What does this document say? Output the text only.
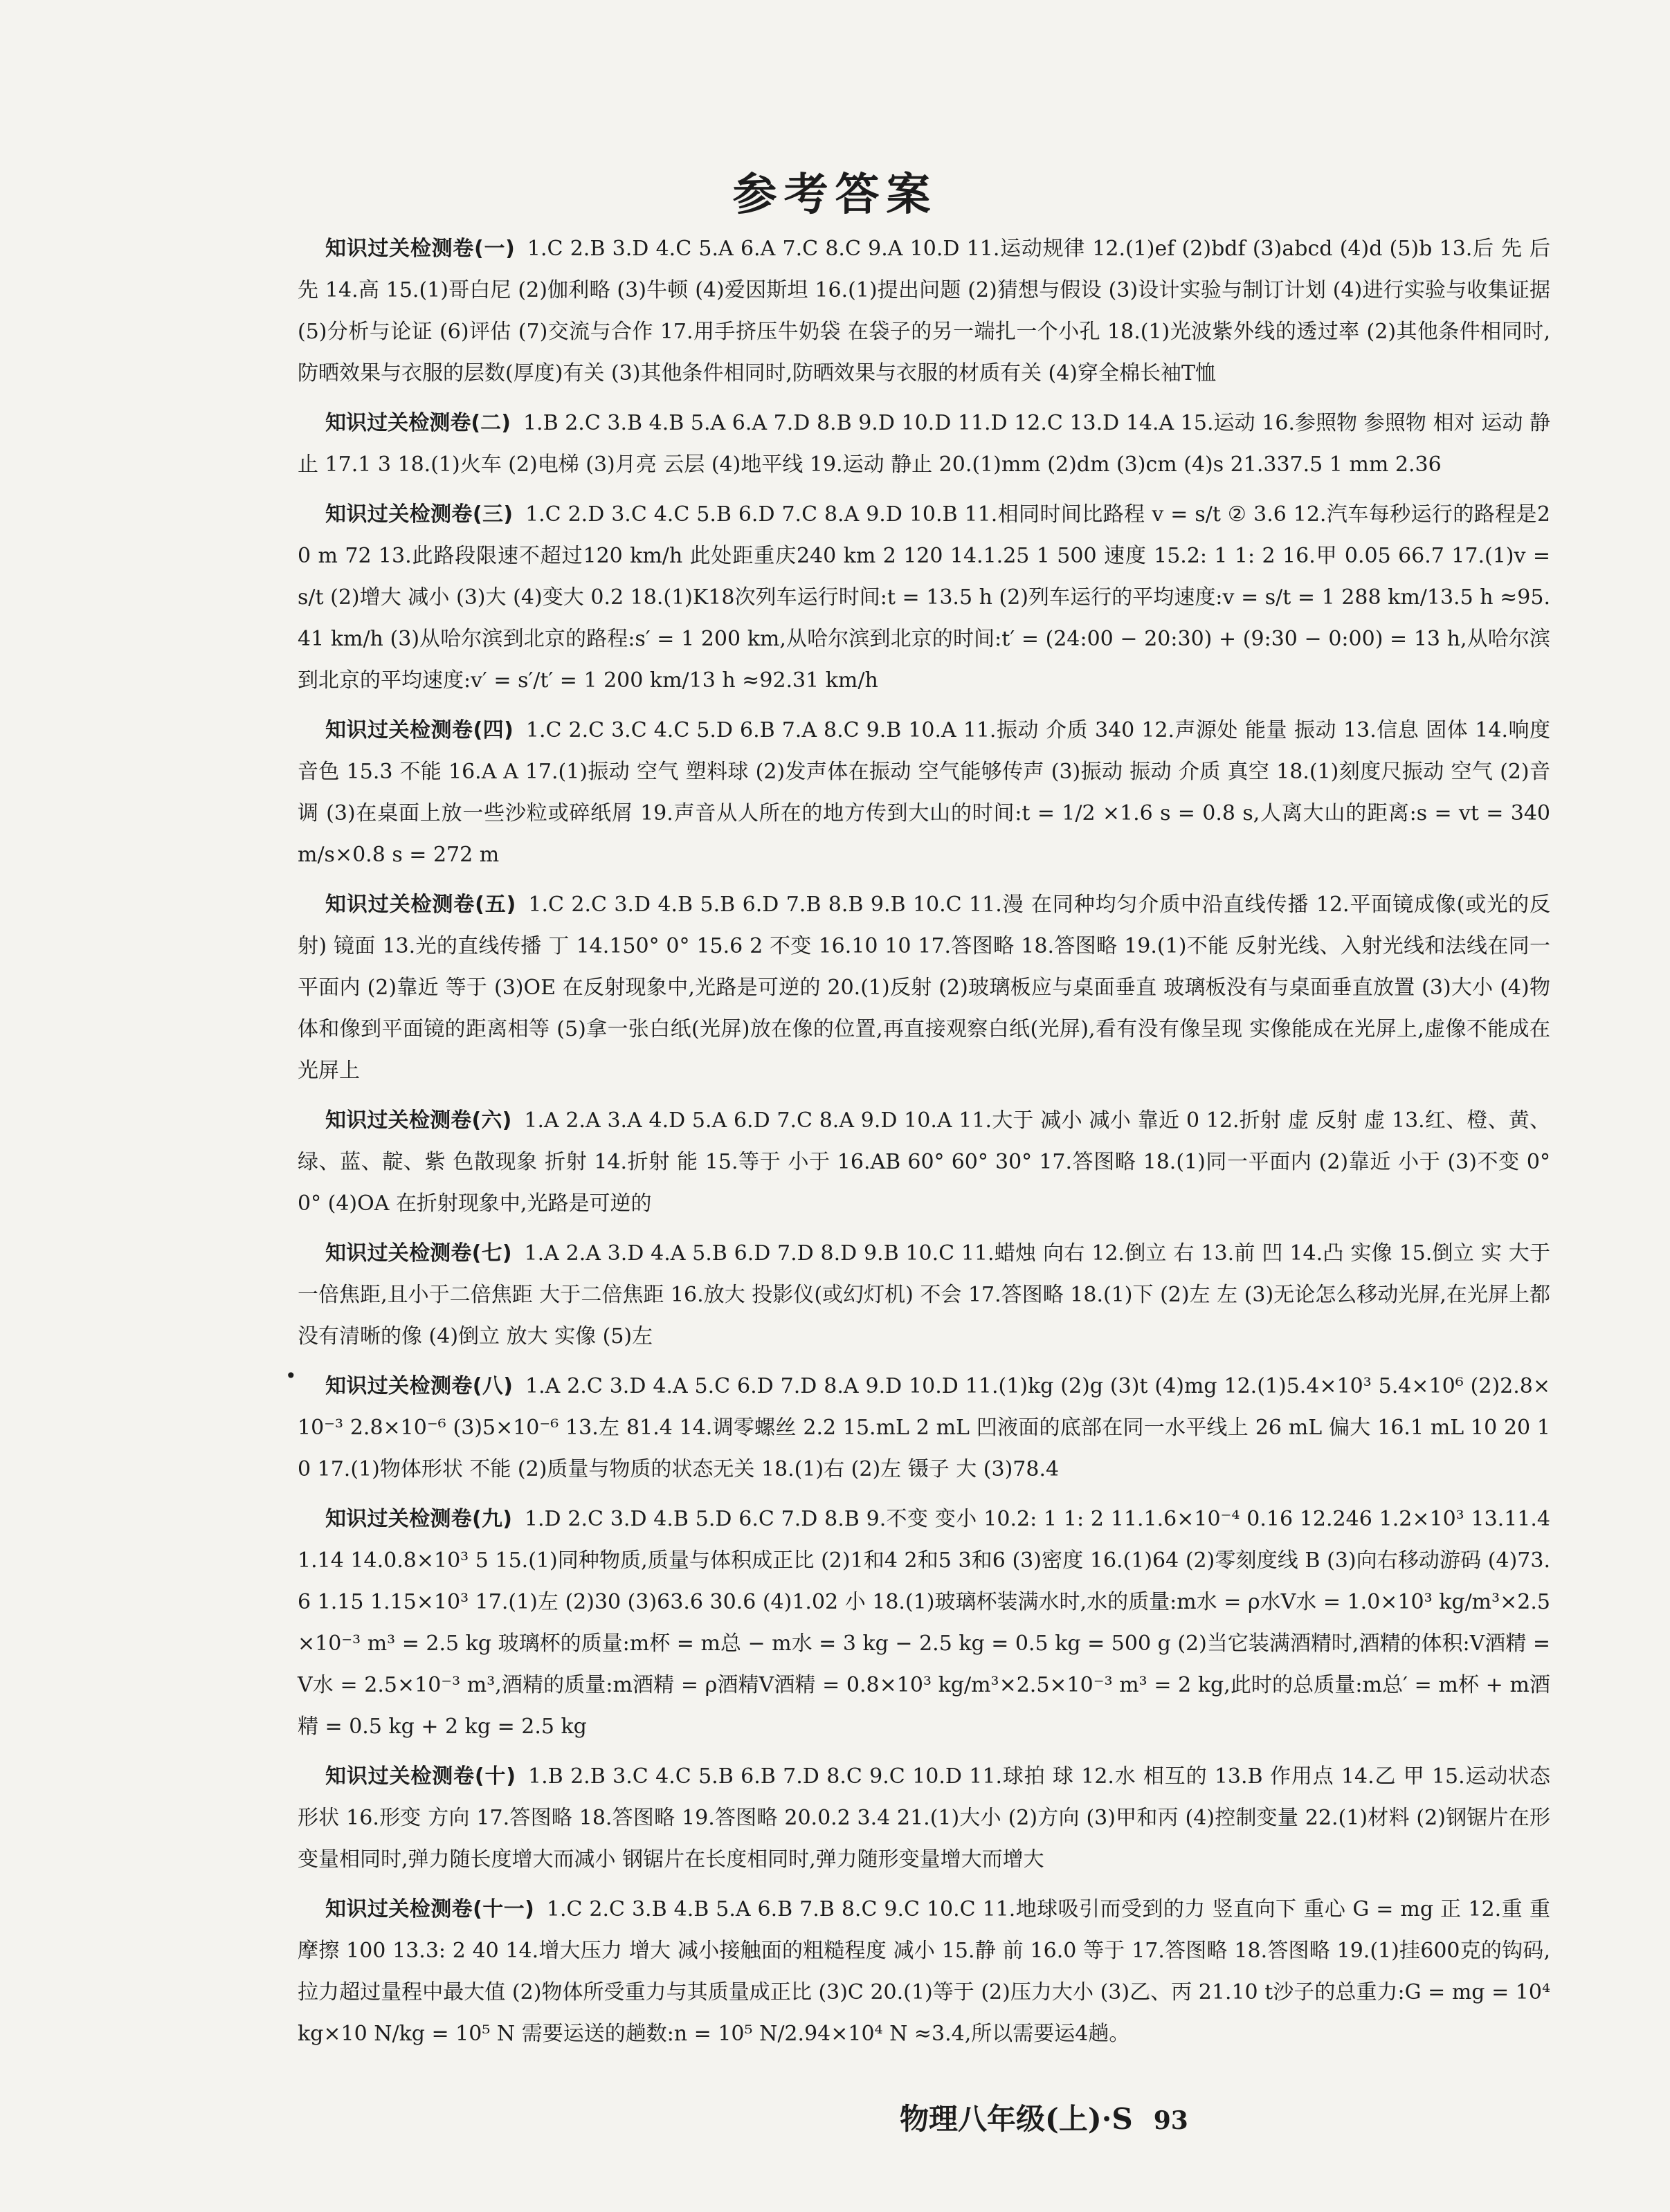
参考答案

知识过关检测卷(一) 1.C 2.B 3.D 4.C 5.A 6.A 7.C 8.C 9.A 10.D 11.运动规律 12.(1)ef (2)bdf (3)abcd (4)d (5)b 13.后 先 后 先 14.高 15.(1)哥白尼 (2)伽利略 (3)牛顿 (4)爱因斯坦 16.(1)提出问题 (2)猜想与假设 (3)设计实验与制订计划 (4)进行实验与收集证据 (5)分析与论证 (6)评估 (7)交流与合作 17.用手挤压牛奶袋 在袋子的另一端扎一个小孔 18.(1)光波紫外线的透过率 (2)其他条件相同时,防晒效果与衣服的层数(厚度)有关 (3)其他条件相同时,防晒效果与衣服的材质有关 (4)穿全棉长袖T恤

知识过关检测卷(二) 1.B 2.C 3.B 4.B 5.A 6.A 7.D 8.B 9.D 10.D 11.D 12.C 13.D 14.A 15.运动 16.参照物 参照物 相对 运动 静止 17.1 3 18.(1)火车 (2)电梯 (3)月亮 云层 (4)地平线 19.运动 静止 20.(1)mm (2)dm (3)cm (4)s 21.337.5 1 mm 2.36

知识过关检测卷(三) 1.C 2.D 3.C 4.C 5.B 6.D 7.C 8.A 9.D 10.B 11.相同时间比路程 v = s/t ② 3.6 12.汽车每秒运行的路程是20 m 72 13.此路段限速不超过120 km/h 此处距重庆240 km 2 120 14.1.25 1 500 速度 15.2: 1 1: 2 16.甲 0.05 66.7 17.(1)v = s/t (2)增大 减小 (3)大 (4)变大 0.2 18.(1)K18次列车运行时间:t = 13.5 h (2)列车运行的平均速度:v = s/t = 1 288 km/13.5 h ≈95.41 km/h (3)从哈尔滨到北京的路程:s′ = 1 200 km,从哈尔滨到北京的时间:t′ = (24:00 − 20:30) + (9:30 − 0:00) = 13 h,从哈尔滨到北京的平均速度:v′ = s′/t′ = 1 200 km/13 h ≈92.31 km/h

知识过关检测卷(四) 1.C 2.C 3.C 4.C 5.D 6.B 7.A 8.C 9.B 10.A 11.振动 介质 340 12.声源处 能量 振动 13.信息 固体 14.响度 音色 15.3 不能 16.A A 17.(1)振动 空气 塑料球 (2)发声体在振动 空气能够传声 (3)振动 振动 介质 真空 18.(1)刻度尺振动 空气 (2)音调 (3)在桌面上放一些沙粒或碎纸屑 19.声音从人所在的地方传到大山的时间:t = 1/2 ×1.6 s = 0.8 s,人离大山的距离:s = vt = 340 m/s×0.8 s = 272 m

知识过关检测卷(五) 1.C 2.C 3.D 4.B 5.B 6.D 7.B 8.B 9.B 10.C 11.漫 在同种均匀介质中沿直线传播 12.平面镜成像(或光的反射) 镜面 13.光的直线传播 丁 14.150° 0° 15.6 2 不变 16.10 10 17.答图略 18.答图略 19.(1)不能 反射光线、入射光线和法线在同一平面内 (2)靠近 等于 (3)OE 在反射现象中,光路是可逆的 20.(1)反射 (2)玻璃板应与桌面垂直 玻璃板没有与桌面垂直放置 (3)大小 (4)物体和像到平面镜的距离相等 (5)拿一张白纸(光屏)放在像的位置,再直接观察白纸(光屏),看有没有像呈现 实像能成在光屏上,虚像不能成在光屏上

知识过关检测卷(六) 1.A 2.A 3.A 4.D 5.A 6.D 7.C 8.A 9.D 10.A 11.大于 减小 减小 靠近 0 12.折射 虚 反射 虚 13.红、橙、黄、绿、蓝、靛、紫 色散现象 折射 14.折射 能 15.等于 小于 16.AB 60° 60° 30° 17.答图略 18.(1)同一平面内 (2)靠近 小于 (3)不变 0° 0° (4)OA 在折射现象中,光路是可逆的

知识过关检测卷(七) 1.A 2.A 3.D 4.A 5.B 6.D 7.D 8.D 9.B 10.C 11.蜡烛 向右 12.倒立 右 13.前 凹 14.凸 实像 15.倒立 实 大于一倍焦距,且小于二倍焦距 大于二倍焦距 16.放大 投影仪(或幻灯机) 不会 17.答图略 18.(1)下 (2)左 左 (3)无论怎么移动光屏,在光屏上都没有清晰的像 (4)倒立 放大 实像 (5)左

知识过关检测卷(八) 1.A 2.C 3.D 4.A 5.C 6.D 7.D 8.A 9.D 10.D 11.(1)kg (2)g (3)t (4)mg 12.(1)5.4×10³ 5.4×10⁶ (2)2.8×10⁻³ 2.8×10⁻⁶ (3)5×10⁻⁶ 13.左 81.4 14.调零螺丝 2.2 15.mL 2 mL 凹液面的底部在同一水平线上 26 mL 偏大 16.1 mL 10 20 10 17.(1)物体形状 不能 (2)质量与物质的状态无关 18.(1)右 (2)左 镊子 大 (3)78.4

知识过关检测卷(九) 1.D 2.C 3.D 4.B 5.D 6.C 7.D 8.B 9.不变 变小 10.2: 1 1: 2 11.1.6×10⁻⁴ 0.16 12.246 1.2×10³ 13.11.4 1.14 14.0.8×10³ 5 15.(1)同种物质,质量与体积成正比 (2)1和4 2和5 3和6 (3)密度 16.(1)64 (2)零刻度线 B (3)向右移动游码 (4)73.6 1.15 1.15×10³ 17.(1)左 (2)30 (3)63.6 30.6 (4)1.02 小 18.(1)玻璃杯装满水时,水的质量:m水 = ρ水V水 = 1.0×10³ kg/m³×2.5×10⁻³ m³ = 2.5 kg 玻璃杯的质量:m杯 = m总 − m水 = 3 kg − 2.5 kg = 0.5 kg = 500 g (2)当它装满酒精时,酒精的体积:V酒精 = V水 = 2.5×10⁻³ m³,酒精的质量:m酒精 = ρ酒精V酒精 = 0.8×10³ kg/m³×2.5×10⁻³ m³ = 2 kg,此时的总质量:m总′ = m杯 + m酒精 = 0.5 kg + 2 kg = 2.5 kg

知识过关检测卷(十) 1.B 2.B 3.C 4.C 5.B 6.B 7.D 8.C 9.C 10.D 11.球拍 球 12.水 相互的 13.B 作用点 14.乙 甲 15.运动状态 形状 16.形变 方向 17.答图略 18.答图略 19.答图略 20.0.2 3.4 21.(1)大小 (2)方向 (3)甲和丙 (4)控制变量 22.(1)材料 (2)钢锯片在形变量相同时,弹力随长度增大而减小 钢锯片在长度相同时,弹力随形变量增大而增大

知识过关检测卷(十一) 1.C 2.C 3.B 4.B 5.A 6.B 7.B 8.C 9.C 10.C 11.地球吸引而受到的力 竖直向下 重心 G = mg 正 12.重 重 摩擦 100 13.3: 2 40 14.增大压力 增大 减小接触面的粗糙程度 减小 15.静 前 16.0 等于 17.答图略 18.答图略 19.(1)挂600克的钩码,拉力超过量程中最大值 (2)物体所受重力与其质量成正比 (3)C 20.(1)等于 (2)压力大小 (3)乙、丙 21.10 t沙子的总重力:G = mg = 10⁴ kg×10 N/kg = 10⁵ N 需要运送的趟数:n = 10⁵ N/2.94×10⁴ N ≈3.4,所以需要运4趟。

•
物理八年级(上)·S 93
